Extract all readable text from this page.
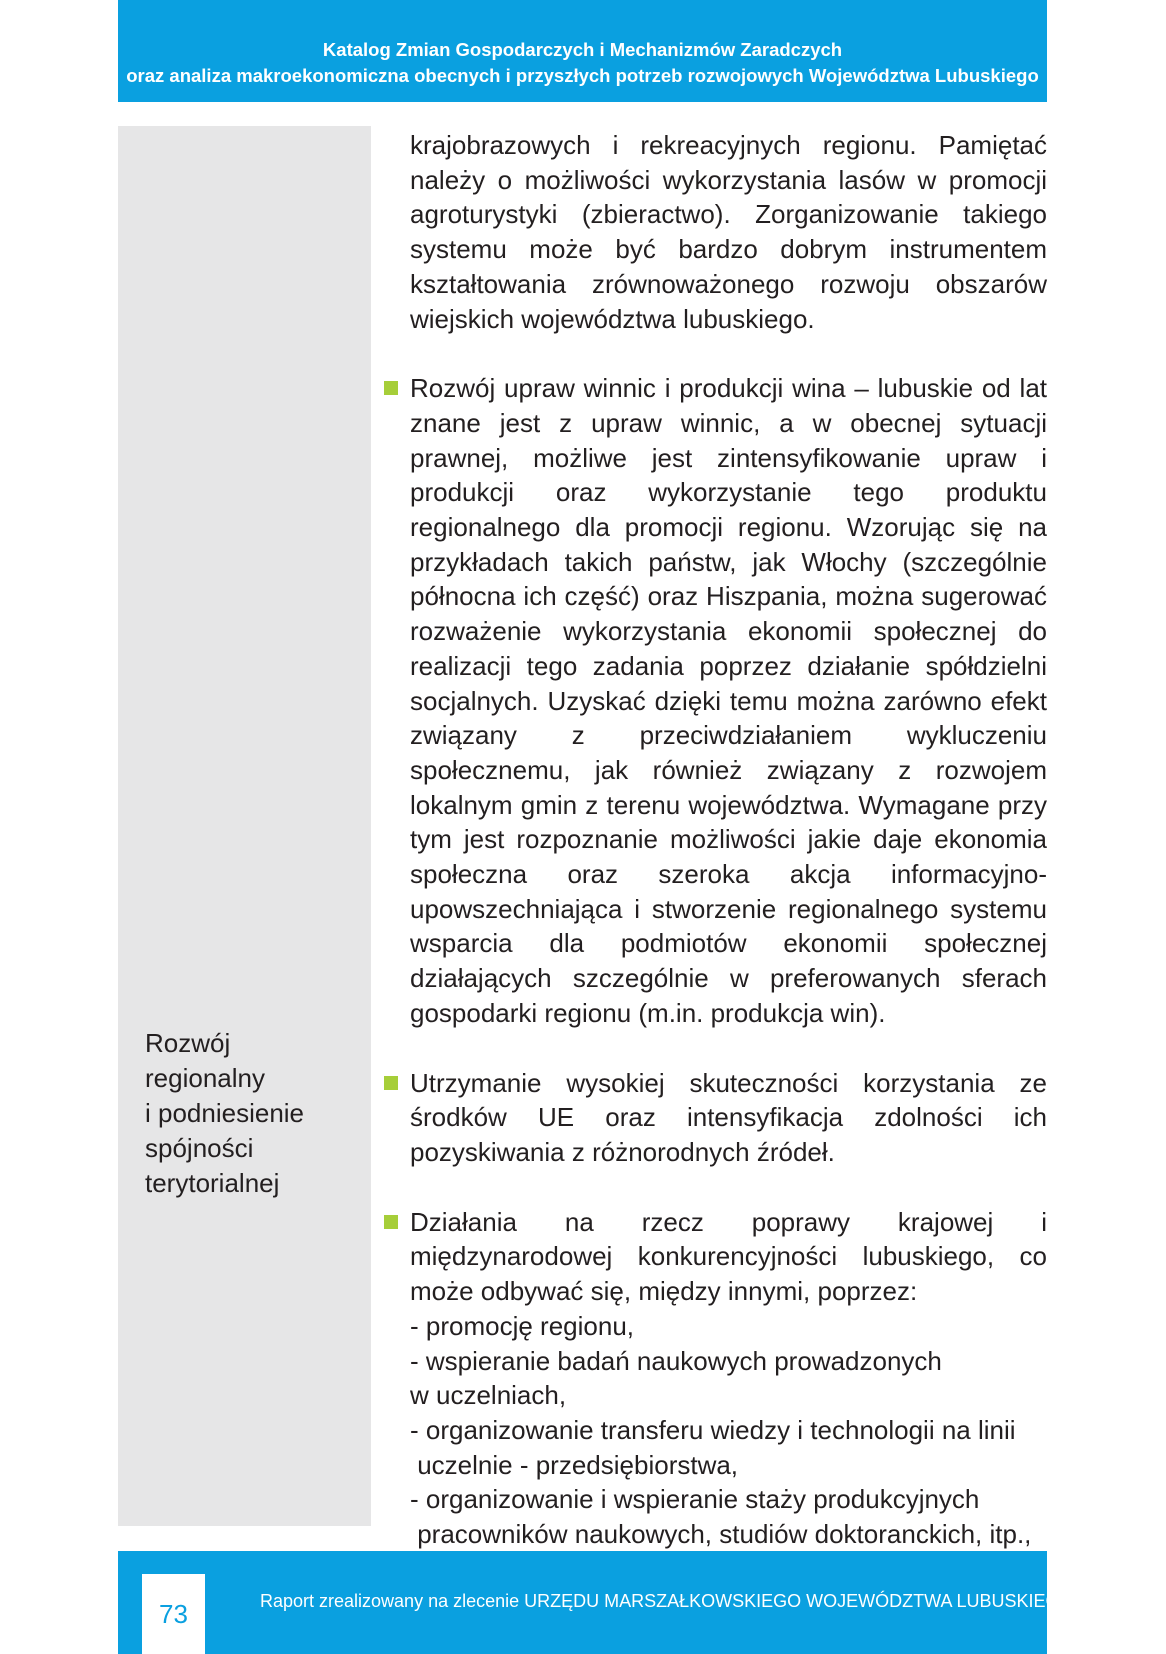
Katalog Zmian Gospodarczych i Mechanizmów Zaradczych
oraz analiza makroekonomiczna obecnych i przyszłych potrzeb rozwojowych Województwa Lubuskiego
Rozwój
regionalny
i podniesienie
spójności
terytorialnej

krajobrazowych i rekreacyjnych regionu. Pamiętać należy o możliwości wykorzystania lasów w promocji agroturystyki (zbieractwo). Zorganizowanie takiego systemu może być bardzo dobrym instrumentem kształtowania zrównoważonego rozwoju obszarów wiejskich województwa lubuskiego.

Rozwój upraw winnic i produkcji wina – lubuskie od lat znane jest z upraw winnic, a w obecnej sytuacji prawnej, możliwe jest zintensyfikowanie upraw i produkcji oraz wykorzystanie tego produktu regionalnego dla promocji regionu. Wzorując się na przykładach takich państw, jak Włochy (szczególnie północna ich część) oraz Hiszpania, można sugerować rozważenie wykorzystania ekonomii społecznej do realizacji tego zadania poprzez działanie spółdzielni socjalnych. Uzyskać dzięki temu można zarówno efekt związany z przeciwdziałaniem wykluczeniu społecznemu, jak również związany z rozwojem lokalnym gmin z terenu województwa. Wymagane przy tym jest rozpoznanie możliwości jakie daje ekonomia społeczna oraz szeroka akcja informacyjno-upowszechniająca i stworzenie regionalnego systemu wsparcia dla podmiotów ekonomii społecznej działających szczególnie w preferowanych sferach gospodarki regionu (m.in. produkcja win).

Utrzymanie wysokiej skuteczności korzystania ze środków UE oraz intensyfikacja zdolności ich pozyskiwania z różnorodnych źródeł.

Działania na rzecz poprawy krajowej i międzynarodowej konkurencyjności lubuskiego, co może odbywać się, między innymi, poprzez:

- promocję regionu,
- wspieranie badań naukowych prowadzonych
w uczelniach,
- organizowanie transferu wiedzy i technologii na linii
uczelnie - przedsiębiorstwa,
- organizowanie i wspieranie staży produkcyjnych
pracowników naukowych, studiów doktoranckich, itp.,
73	Raport zrealizowany na zlecenie URZĘDU MARSZAŁKOWSKIEGO WOJEWÓDZTWA LUBUSKIEGO
